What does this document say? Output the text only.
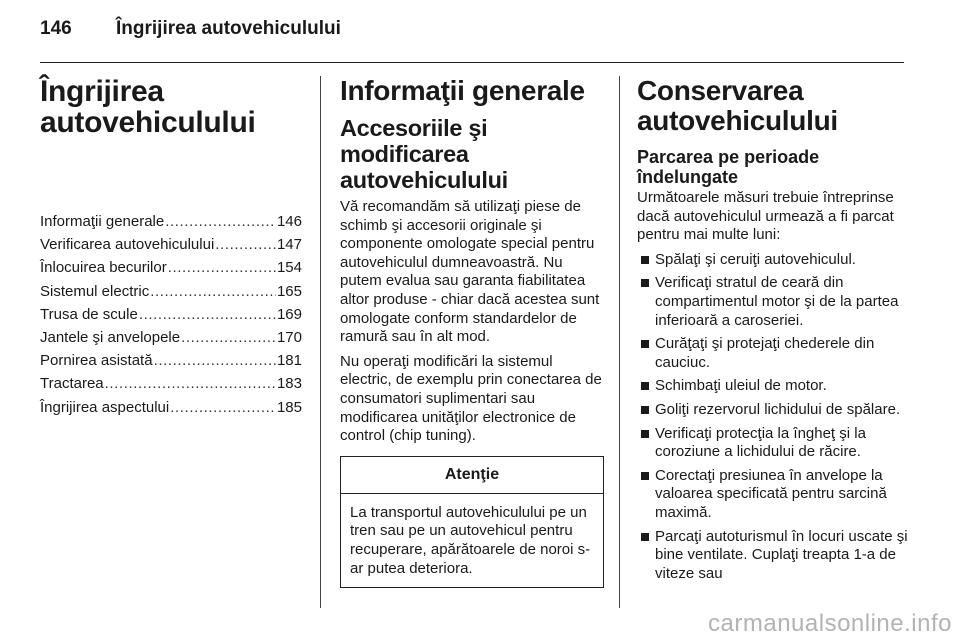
146	Îngrijirea autovehiculului
Îngrijirea
autovehiculului
Informaţii generale .....	146
Verificarea autovehiculului .....	147
Înlocuirea becurilor .....	154
Sistemul electric .....	165
Trusa de scule .....	169
Jantele şi anvelopele .....	170
Pornirea asistată .....	181
Tractarea .....	183
Îngrijirea aspectului .....	185
Informaţii generale
Accesoriile şi modificarea
autovehiculului

Vă recomandăm să utilizaţi piese de schimb şi accesorii originale şi componente omologate special pentru autovehiculul dumneavoastră. Nu putem evalua sau garanta fiabilitatea altor produse - chiar dacă acestea sunt omologate conform standardelor de ramură sau în alt mod.

Nu operaţi modificări la sistemul electric, de exemplu prin conectarea de consumatori suplimentari sau modificarea unităţilor electronice de control (chip tuning).

Atenţie
La transportul autovehiculului pe un tren sau pe un autovehicul pentru recuperare, apărătoarele de noroi s-ar putea deteriora.
Conservarea
autovehiculului
Parcarea pe perioade
îndelungate

Următoarele măsuri trebuie întreprinse dacă autovehiculul urmează a fi parcat pentru mai multe luni:

Spălaţi şi ceruiţi autovehiculul.
Verificaţi stratul de ceară din compartimentul motor şi de la partea inferioară a caroseriei.
Curăţaţi şi protejaţi chederele din cauciuc.
Schimbaţi uleiul de motor.
Goliţi rezervorul lichidului de spălare.
Verificaţi protecţia la îngheţ şi la coroziune a lichidului de răcire.
Corectaţi presiunea în anvelope la valoarea specificată pentru sarcină maximă.
Parcaţi autoturismul în locuri uscate şi bine ventilate. Cuplaţi treapta 1-a de viteze sau
carmanualsonline.info
